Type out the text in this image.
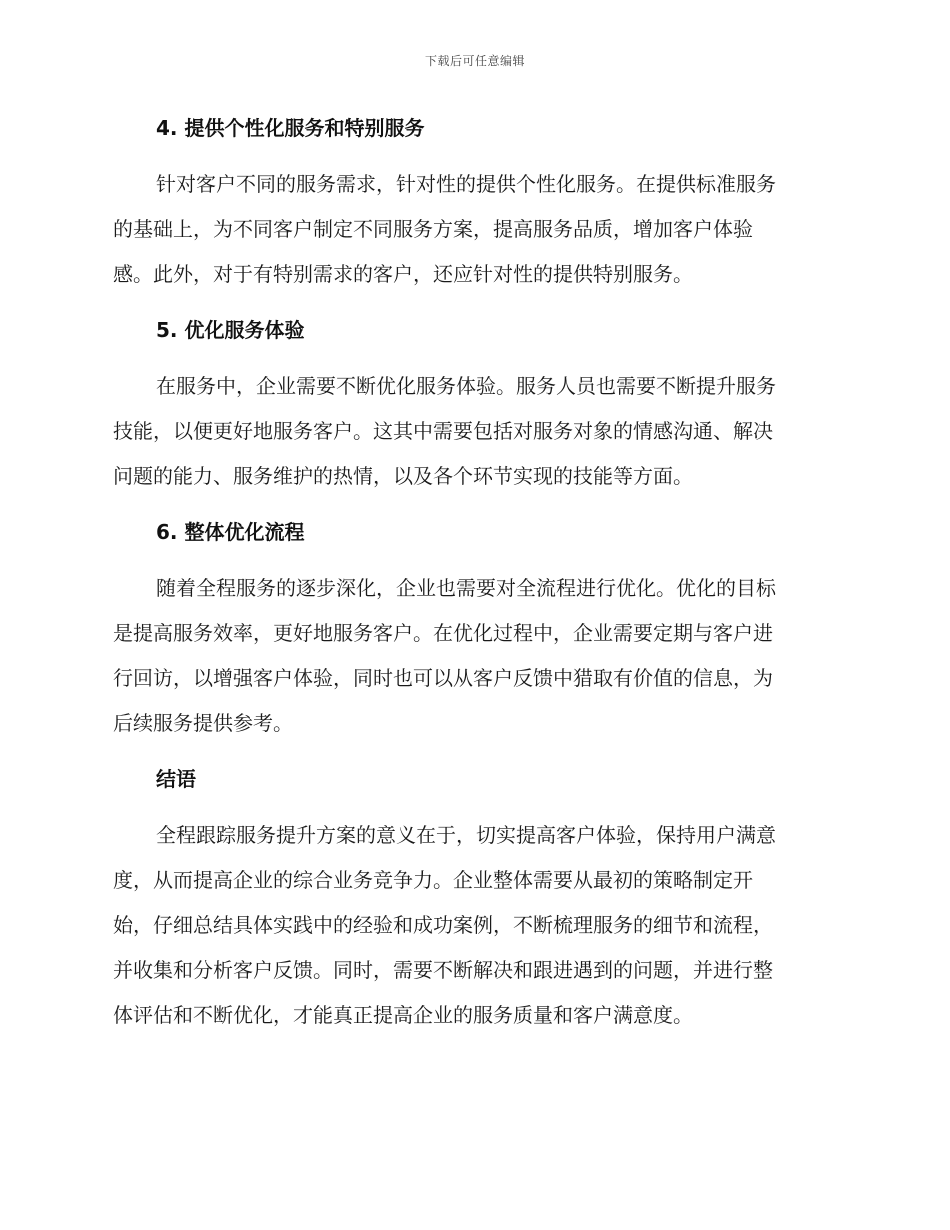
下载后可任意编辑
4. 提供个性化服务和特别服务
针对客户不同的服务需求，针对性的提供个性化服务。在提供标准服务
的基础上，为不同客户制定不同服务方案，提高服务品质，增加客户体验
感。此外，对于有特别需求的客户，还应针对性的提供特别服务。
5. 优化服务体验
在服务中，企业需要不断优化服务体验。服务人员也需要不断提升服务
技能，以便更好地服务客户。这其中需要包括对服务对象的情感沟通、解决
问题的能力、服务维护的热情，以及各个环节实现的技能等方面。
6. 整体优化流程
随着全程服务的逐步深化，企业也需要对全流程进行优化。优化的目标
是提高服务效率，更好地服务客户。在优化过程中，企业需要定期与客户进
行回访，以增强客户体验，同时也可以从客户反馈中猎取有价值的信息，为
后续服务提供参考。
结语
全程跟踪服务提升方案的意义在于，切实提高客户体验，保持用户满意
度，从而提高企业的综合业务竞争力。企业整体需要从最初的策略制定开
始，仔细总结具体实践中的经验和成功案例，不断梳理服务的细节和流程，
并收集和分析客户反馈。同时，需要不断解决和跟进遇到的问题，并进行整
体评估和不断优化，才能真正提高企业的服务质量和客户满意度。
